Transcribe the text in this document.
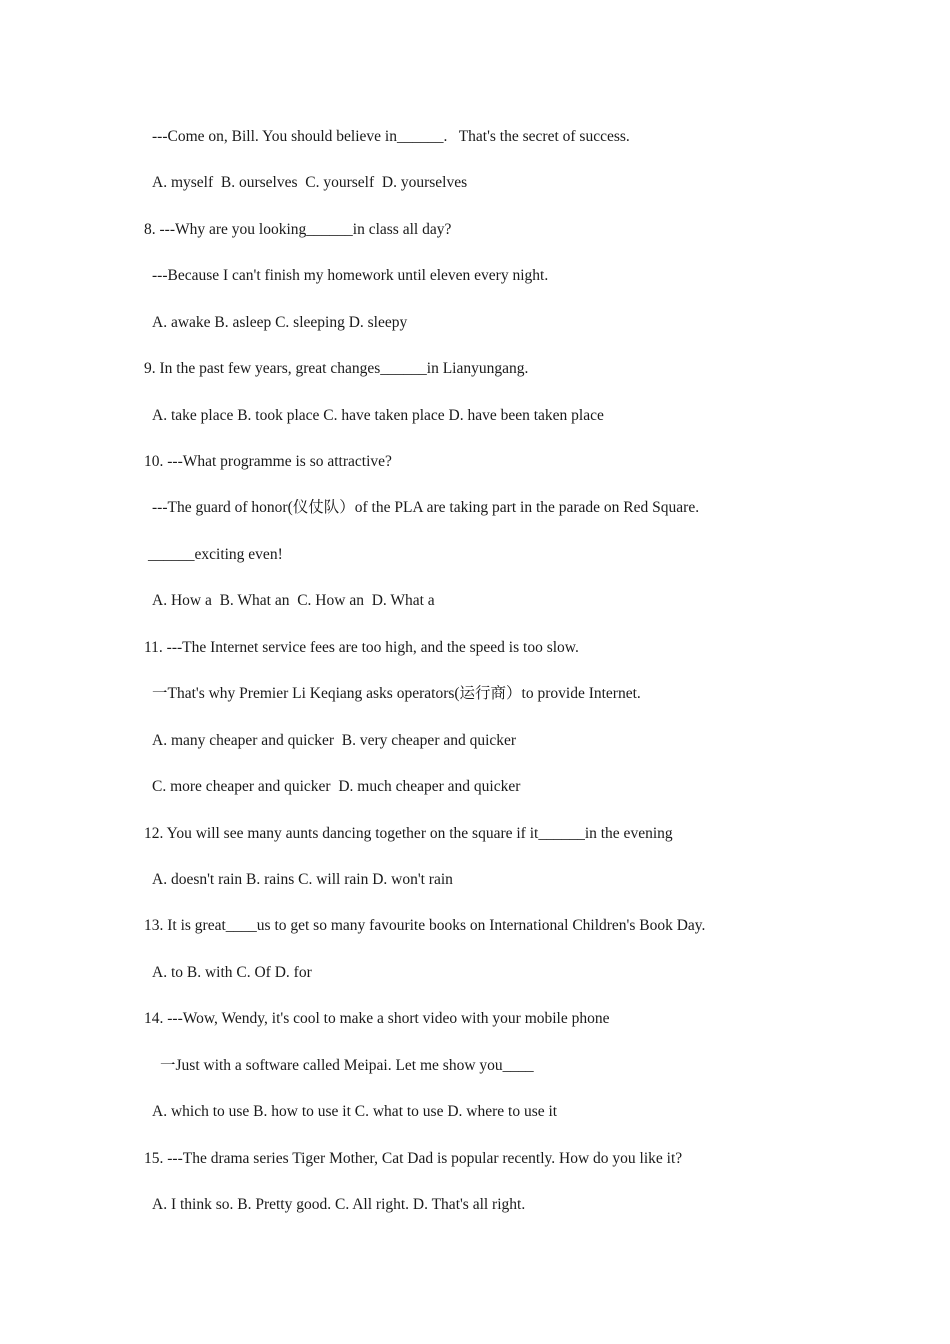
---Come on, Bill. You should believe in______.   That's the secret of success.
A. myself  B. ourselves  C. yourself  D. yourselves
8. ---Why are you looking______in class all day?
---Because I can't finish my homework until eleven every night.
A. awake B. asleep C. sleeping D. sleepy
9. In the past few years, great changes______in Lianyungang.
A. take place B. took place C. have taken place D. have been taken place
10. ---What programme is so attractive?
---The guard of honor(仪仗队）of the PLA are taking part in the parade on Red Square.
______exciting even!
A. How a  B. What an  C. How an  D. What a
11. ---The Internet service fees are too high, and the speed is too slow.
一That's why Premier Li Keqiang asks operators(运行商）to provide Internet.
A. many cheaper and quicker  B. very cheaper and quicker
C. more cheaper and quicker  D. much cheaper and quicker
12. You will see many aunts dancing together on the square if it______in the evening
A. doesn't rain B. rains C. will rain D. won't rain
13. It is great____us to get so many favourite books on International Children's Book Day.
A. to B. with C. Of D. for
14. ---Wow, Wendy, it's cool to make a short video with your mobile phone
一Just with a software called Meipai. Let me show you____
A. which to use B. how to use it C. what to use D. where to use it
15. ---The drama series Tiger Mother, Cat Dad is popular recently. How do you like it?
A. I think so. B. Pretty good. C. All right. D. That's all right.
